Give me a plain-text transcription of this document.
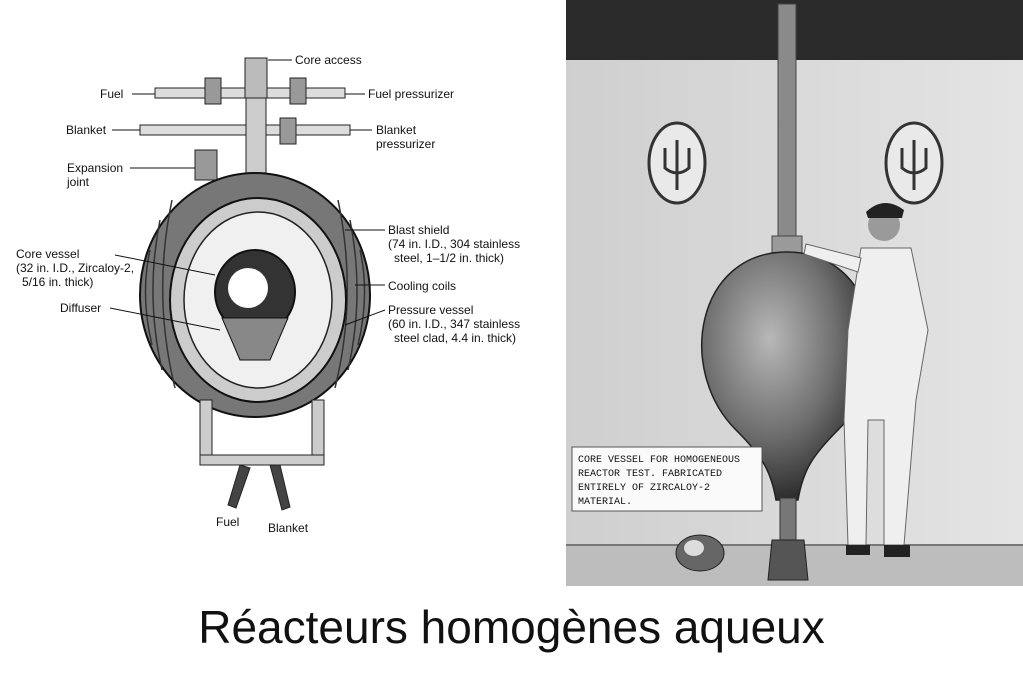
Core access
Fuel	Fuel pressurizer
Blanket	Blanket
pressurizer
Expansion
joint
Blast shield
(74 in. I.D., 304 stainless
steel, 1–1/2 in. thick)
Core vessel
(32 in. I.D., Zircaloy-2,
5/16 in. thick)	Cooling coils
Diffuser	Pressure vessel
(60 in. I.D., 347 stainless
steel clad, 4.4 in. thick)
Fuel Blanket
CORE VESSEL FOR HOMOGENEOUS
REACTOR TEST. FABRICATED
ENTIRELY OF ZIRCALOY-2
MATERIAL.
Réacteurs homogènes aqueux
